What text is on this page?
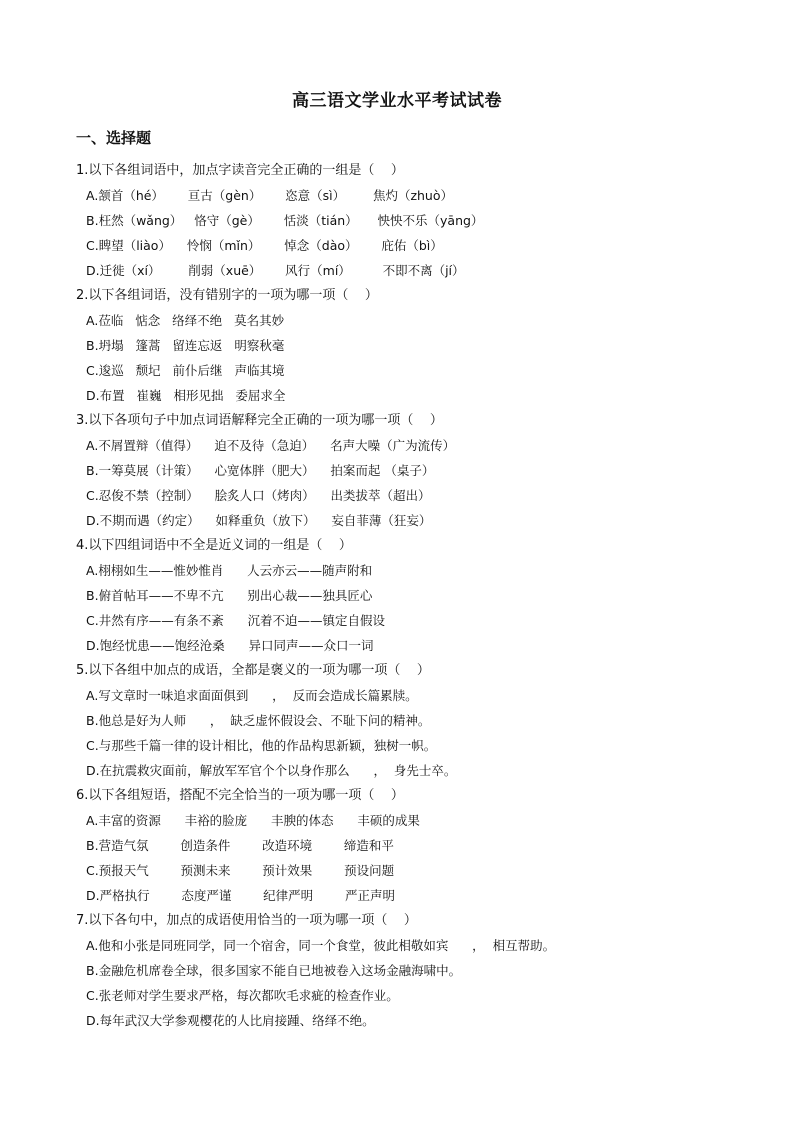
高三语文学业水平考试试卷
一、选择题
1.以下各组词语中，加点字读音完全正确的一组是（    ）
A.颔首（hé）      亘古（gèn）      恣意（sì）       焦灼（zhuò）
B.枉然（wǎng）   恪守（gè）      恬淡（tián）     怏怏不乐（yāng）
C.睥望（liào）    怜悯（mǐn）      悼念（dào）      庇佑（bì）
D.迁徙（xí）       削弱（xuē）      风行（mí）        不即不离（jí）
2.以下各组词语，没有错别字的一项为哪一项（    ）
A.莅临   惦念   络绎不绝   莫名其妙
B.坍塌   篷蒿   留连忘返   明察秋毫
C.逡巡   颓圮   前仆后继   声临其境
D.布置   崔巍   相形见拙   委屈求全
3.以下各项句子中加点词语解释完全正确的一项为哪一项（    ）
A.不屑置辩（值得）    迫不及待（急迫）    名声大噪（广为流传）
B.一筹莫展（计策）    心宽体胖（肥大）    拍案而起 （桌子）
C.忍俊不禁（控制）    脍炙人口（烤肉）    出类拔萃（超出）
D.不期而遇（约定）    如释重负（放下）    妄自菲薄（狂妄）
4.以下四组词语中不全是近义词的一组是（    ）
A.栩栩如生——惟妙惟肖      人云亦云——随声附和
B.俯首帖耳——不卑不亢      别出心裁——独具匠心
C.井然有序——有条不紊      沉着不迫——镇定自假设
D.饱经忧患——饱经沧桑      异口同声——众口一词
5.以下各组中加点的成语，全都是褒义的一项为哪一项（    ）
A.写文章时一味追求面面俱到      ，  反而会造成长篇累牍。
B.他总是好为人师      ，  缺乏虚怀假设会、不耻下问的精神。
C.与那些千篇一律的设计相比，他的作品构思新颖，独树一帜。
D.在抗震救灾面前，解放军军官个个以身作那么      ，  身先士卒。
6.以下各组短语，搭配不完全恰当的一项为哪一项（    ）
A.丰富的资源      丰裕的脸庞      丰腴的体态      丰硕的成果
B.营造气氛        创造条件        改造环境        缔造和平
C.预报天气        预测未来        预计效果        预设问题
D.严格执行        态度严谨        纪律严明        严正声明
7.以下各句中，加点的成语使用恰当的一项为哪一项（    ）
A.他和小张是同班同学，同一个宿舍，同一个食堂，彼此相敬如宾      ，  相互帮助。
B.金融危机席卷全球，很多国家不能自已地被卷入这场金融海啸中。
C.张老师对学生要求严格，每次都吹毛求疵的检查作业。
D.每年武汉大学参观樱花的人比肩接踵、络绎不绝。
